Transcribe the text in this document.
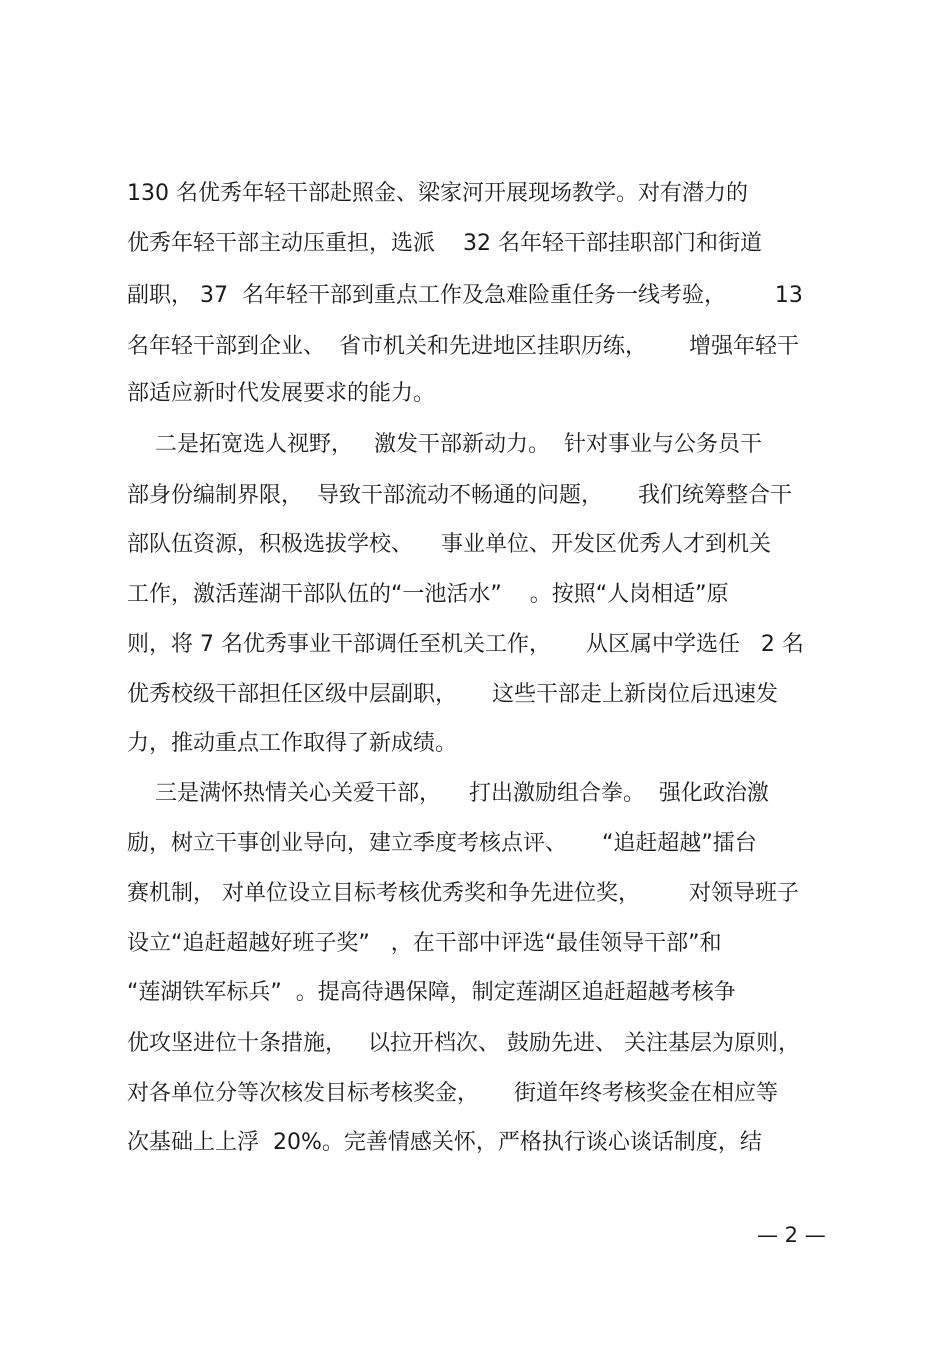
130 名优秀年轻干部赴照金、梁家河开展现场教学。对有潜力的
优秀年轻干部主动压重担，选派    32 名年轻干部挂职部门和街道
副职， 37  名年轻干部到重点工作及急难险重任务一线考验，       13
名年轻干部到企业、  省市机关和先进地区挂职历练，      增强年轻干
部适应新时代发展要求的能力。
二是拓宽选人视野，   激发干部新动力。  针对事业与公务员干
部身份编制界限，  导致干部流动不畅通的问题，     我们统筹整合干
部队伍资源，积极选拔学校、    事业单位、开发区优秀人才到机关
工作，激活莲湖干部队伍的“一池活水”    。按照“人岗相适”原
则，将 7 名优秀事业干部调任至机关工作，     从区属中学选任   2 名
优秀校级干部担任区级中层副职，     这些干部走上新岗位后迅速发
力，推动重点工作取得了新成绩。
三是满怀热情关心关爱干部，    打出激励组合拳。  强化政治激
励，树立干事创业导向，建立季度考核点评、     “追赶超越”擂台
赛机制， 对单位设立目标考核优秀奖和争先进位奖，       对领导班子
设立“追赶超越好班子奖”   ，在干部中评选“最佳领导干部”和
“莲湖铁军标兵”  。提高待遇保障，制定莲湖区追赶超越考核争
优攻坚进位十条措施，   以拉开档次、 鼓励先进、 关注基层为原则，
对各单位分等次核发目标考核奖金，     街道年终考核奖金在相应等
次基础上上浮  20%。完善情感关怀，严格执行谈心谈话制度，结
— 2 —
